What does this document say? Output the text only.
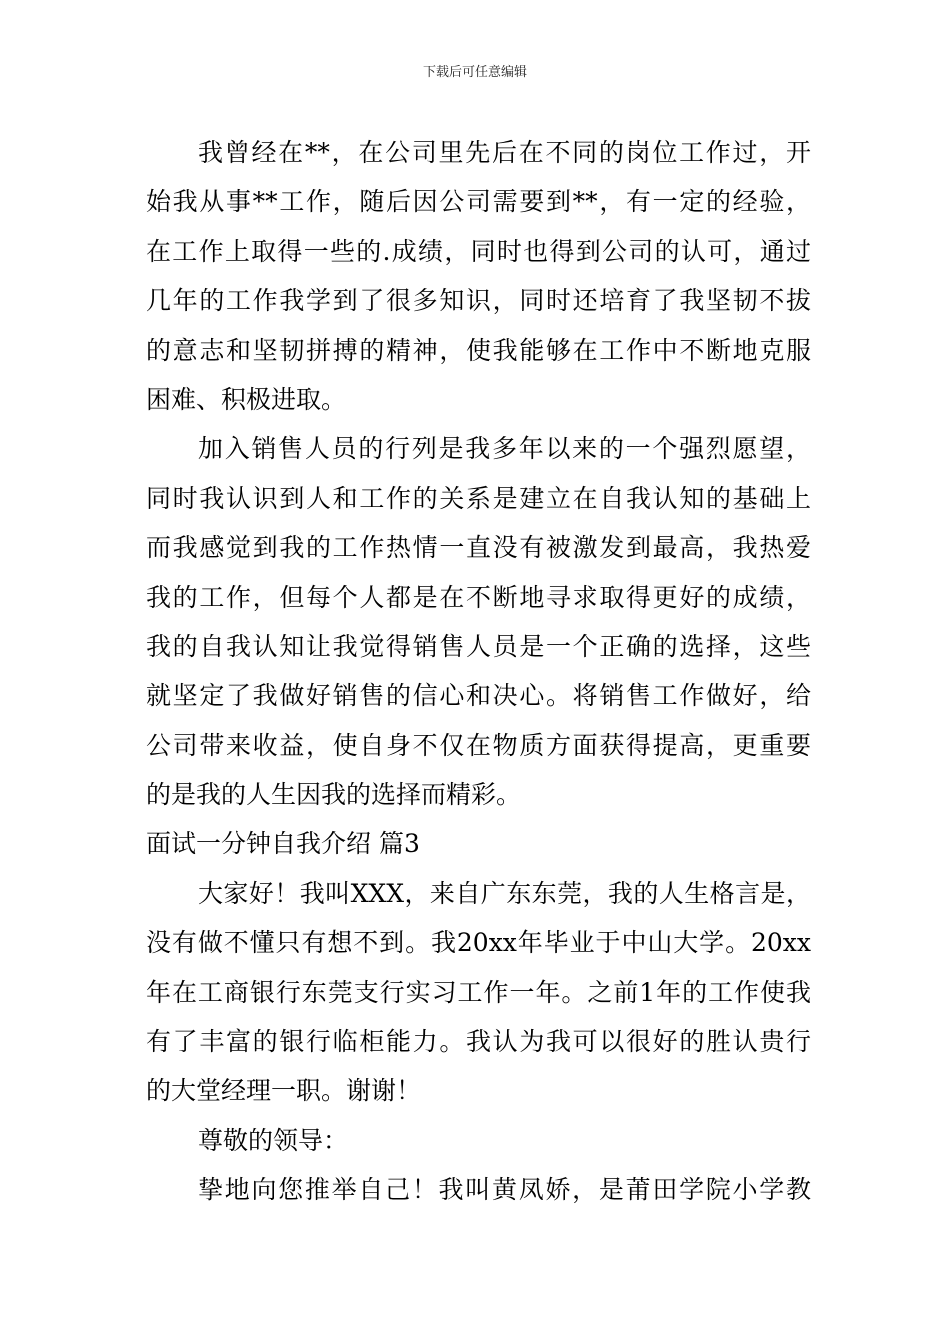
下载后可任意编辑
我曾经在**，在公司里先后在不同的岗位工作过，开
始我从事**工作，随后因公司需要到**，有一定的经验，
在工作上取得一些的.成绩，同时也得到公司的认可，通过
几年的工作我学到了很多知识，同时还培育了我坚韧不拔
的意志和坚韧拼搏的精神，使我能够在工作中不断地克服
困难、积极进取。
加入销售人员的行列是我多年以来的一个强烈愿望，
同时我认识到人和工作的关系是建立在自我认知的基础上
而我感觉到我的工作热情一直没有被激发到最高，我热爱
我的工作，但每个人都是在不断地寻求取得更好的成绩，
我的自我认知让我觉得销售人员是一个正确的选择，这些
就坚定了我做好销售的信心和决心。将销售工作做好，给
公司带来收益，使自身不仅在物质方面获得提高，更重要
的是我的人生因我的选择而精彩。
面试一分钟自我介绍 篇3
大家好！我叫XXX，来自广东东莞，我的人生格言是，
没有做不懂只有想不到。我20xx年毕业于中山大学。20xx
年在工商银行东莞支行实习工作一年。之前1年的工作使我
有了丰富的银行临柜能力。我认为我可以很好的胜认贵行
的大堂经理一职。谢谢！
尊敬的领导：
挚地向您推举自己！我叫黄凤娇，是莆田学院小学教
